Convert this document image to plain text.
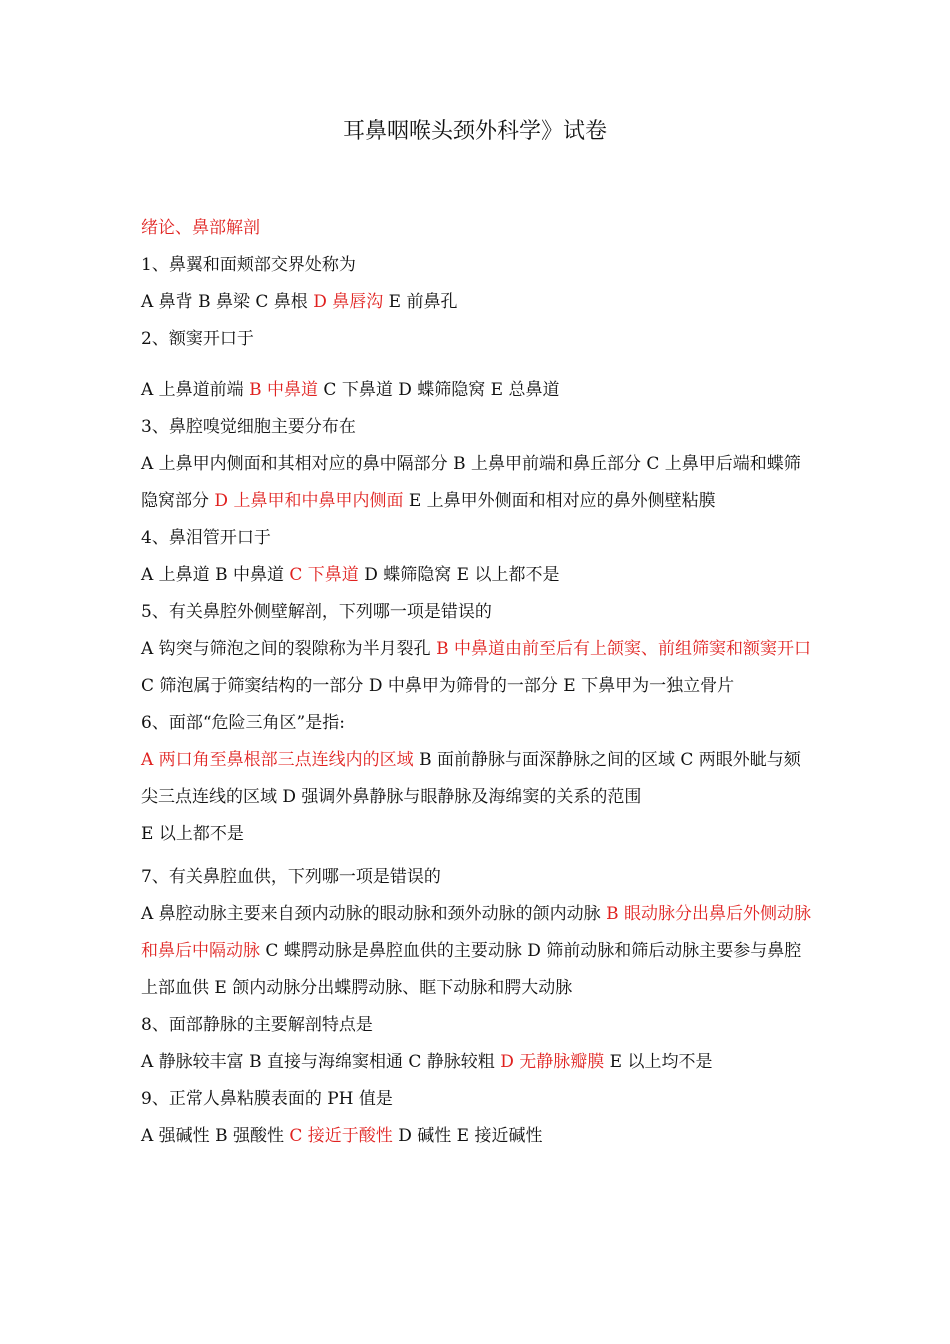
耳鼻咽喉头颈外科学》试卷

绪论、鼻部解剖

1、鼻翼和面颊部交界处称为

A 鼻背 B 鼻梁 C 鼻根 D 鼻唇沟 E 前鼻孔

2、额窦开口于

A 上鼻道前端 B 中鼻道 C 下鼻道 D 蝶筛隐窝 E 总鼻道

3、鼻腔嗅觉细胞主要分布在

A 上鼻甲内侧面和其相对应的鼻中隔部分 B 上鼻甲前端和鼻丘部分 C 上鼻甲后端和蝶筛隐窝部分 D 上鼻甲和中鼻甲内侧面 E 上鼻甲外侧面和相对应的鼻外侧壁粘膜

4、鼻泪管开口于

A 上鼻道 B 中鼻道 C 下鼻道 D 蝶筛隐窝 E 以上都不是

5、有关鼻腔外侧壁解剖，下列哪一项是错误的

A 钩突与筛泡之间的裂隙称为半月裂孔 B 中鼻道由前至后有上颌窦、前组筛窦和额窦开口 C 筛泡属于筛窦结构的一部分 D 中鼻甲为筛骨的一部分 E 下鼻甲为一独立骨片

6、面部“危险三角区”是指:

A 两口角至鼻根部三点连线内的区域 B 面前静脉与面深静脉之间的区域 C 两眼外眦与颏尖三点连线的区域 D 强调外鼻静脉与眼静脉及海绵窦的关系的范围

E 以上都不是

7、有关鼻腔血供，下列哪一项是错误的

A 鼻腔动脉主要来自颈内动脉的眼动脉和颈外动脉的颌内动脉 B 眼动脉分出鼻后外侧动脉和鼻后中隔动脉 C 蝶腭动脉是鼻腔血供的主要动脉 D 筛前动脉和筛后动脉主要参与鼻腔上部血供 E 颌内动脉分出蝶腭动脉、眶下动脉和腭大动脉

8、面部静脉的主要解剖特点是

A 静脉较丰富 B 直接与海绵窦相通 C 静脉较粗 D 无静脉瓣膜 E 以上均不是

9、正常人鼻粘膜表面的 PH 值是

A 强碱性 B 强酸性 C 接近于酸性 D 碱性 E 接近碱性
